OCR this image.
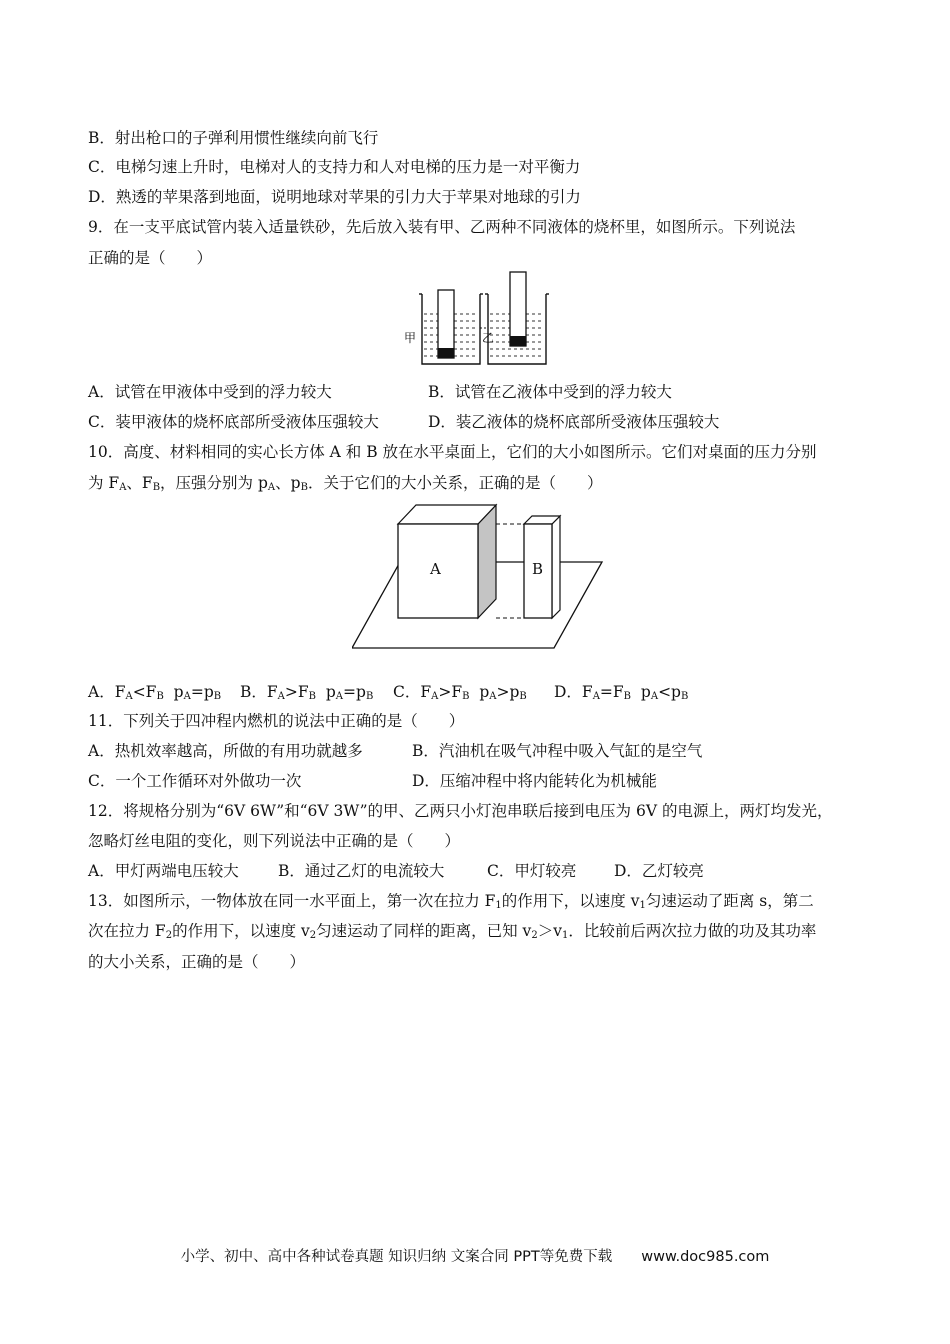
B．射出枪口的子弹利用惯性继续向前飞行
C．电梯匀速上升时，电梯对人的支持力和人对电梯的压力是一对平衡力
D．熟透的苹果落到地面，说明地球对苹果的引力大于苹果对地球的引力
9．在一支平底试管内装入适量铁砂，先后放入装有甲、乙两种不同液体的烧杯里，如图所示。下列说法
正确的是（　　）
甲	乙
A．试管在甲液体中受到的浮力较大	B．试管在乙液体中受到的浮力较大
C．装甲液体的烧杯底部所受液体压强较大	D．装乙液体的烧杯底部所受液体压强较大
10．高度、材料相同的实心长方体 A 和 B 放在水平桌面上，它们的大小如图所示。它们对桌面的压力分别
为 $F_A$、$F_B$，压强分别为 $p_A$、$p_B$．关于它们的大小关系，正确的是（　　）
A	B
A．$F_A<F_B$ $p_A=p_B$ B．$F_A>F_B$ $p_A=p_B$ C．$F_A>F_B$ $p_A>p_B$ D．$F_A=F_B$ $p_A<p_B$
11．下列关于四冲程内燃机的说法中正确的是（　　）
A．热机效率越高，所做的有用功就越多	B．汽油机在吸气冲程中吸入气缸的是空气
C．一个工作循环对外做功一次	D．压缩冲程中将内能转化为机械能
12．将规格分别为“6V 6W”和“6V 3W”的甲、乙两只小灯泡串联后接到电压为 6V 的电源上，两灯均发光，
忽略灯丝电阻的变化，则下列说法中正确的是（　　）
A．甲灯两端电压较大	B．通过乙灯的电流较大	C．甲灯较亮 D．乙灯较亮
13．如图所示，一物体放在同一水平面上，第一次在拉力 $F_1$的作用下，以速度 $v_1$匀速运动了距离 s，第二
次在拉力 $F_2$的作用下，以速度 $v_2$匀速运动了同样的距离，已知 $v_2>v_1$．比较前后两次拉力做的功及其功率
的大小关系，正确的是（　　）
小学、初中、高中各种试卷真题 知识归纳 文案合同 PPT等免费下载　　www.doc985.com
